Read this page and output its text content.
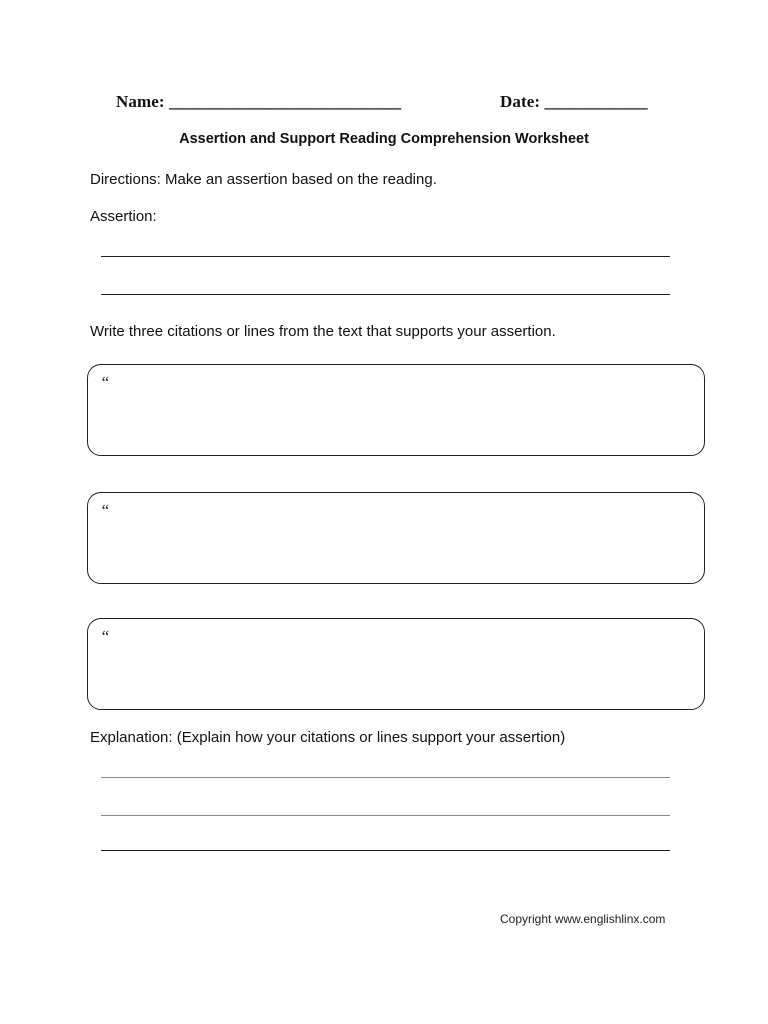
Name: ___________________________	Date: ____________
Assertion and Support Reading Comprehension Worksheet
Directions: Make an assertion based on the reading.
Assertion:
Write three citations or lines from the text that supports your assertion.
“
“
“
Explanation: (Explain how your citations or lines support your assertion)
Copyright www.englishlinx.com
